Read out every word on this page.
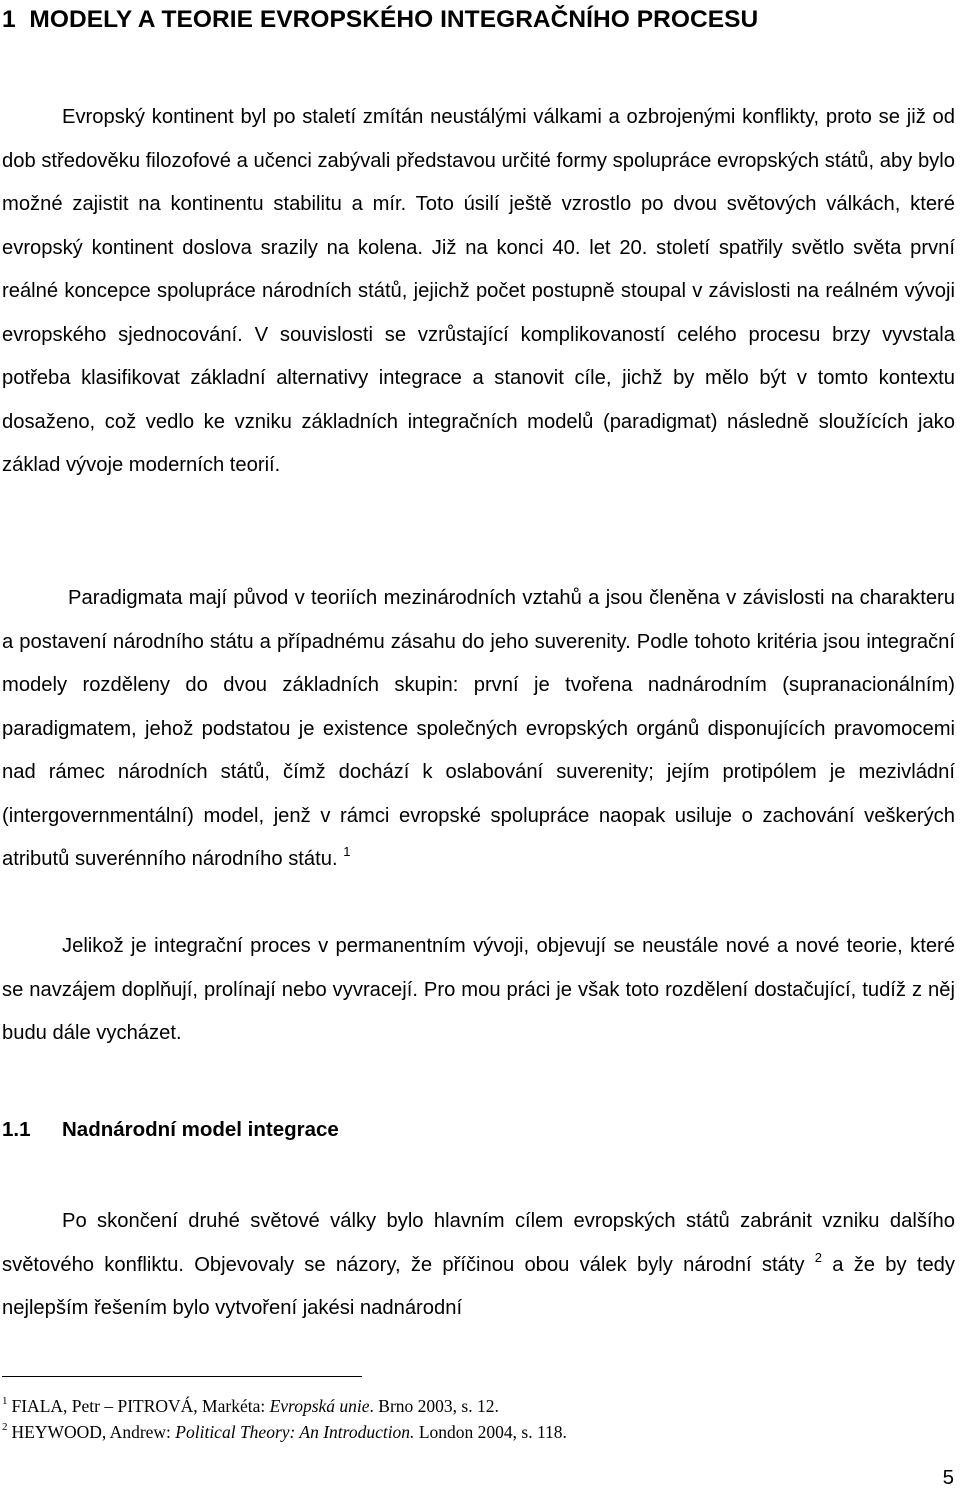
1 MODELY A TEORIE EVROPSKÉHO INTEGRAČNÍHO PROCESU

Evropský kontinent byl po staletí zmítán neustálými válkami a ozbrojenými konflikty, proto se již od dob středověku filozofové a učenci zabývali představou určité formy spolupráce evropských států, aby bylo možné zajistit na kontinentu stabilitu a mír. Toto úsilí ještě vzrostlo po dvou světových válkách, které evropský kontinent doslova srazily na kolena. Již na konci 40. let 20. století spatřily světlo světa první reálné koncepce spolupráce národních států, jejichž počet postupně stoupal v závislosti na reálném vývoji evropského sjednocování. V souvislosti se vzrůstající komplikovaností celého procesu brzy vyvstala potřeba klasifikovat základní alternativy integrace a stanovit cíle, jichž by mělo být v tomto kontextu dosaženo, což vedlo ke vzniku základních integračních modelů (paradigmat) následně sloužících jako základ vývoje moderních teorií.

Paradigmata mají původ v teoriích mezinárodních vztahů a jsou členěna v závislosti na charakteru a postavení národního státu a případnému zásahu do jeho suverenity. Podle tohoto kritéria jsou integrační modely rozděleny do dvou základních skupin: první je tvořena nadnárodním (supranacionálním) paradigmatem, jehož podstatou je existence společných evropských orgánů disponujících pravomocemi nad rámec národních států, čímž dochází k oslabování suverenity; jejím protipólem je mezivládní (intergovernmentální) model, jenž v rámci evropské spolupráce naopak usiluje o zachování veškerých atributů suverénního národního státu. $^1$

Jelikož je integrační proces v permanentním vývoji, objevují se neustále nové a nové teorie, které se navzájem doplňují, prolínají nebo vyvracejí. Pro mou práci je však toto rozdělení dostačující, tudíž z něj budu dále vycházet.

1.1 Nadnárodní model integrace

Po skončení druhé světové války bylo hlavním cílem evropských států zabránit vzniku dalšího světového konfliktu. Objevovaly se názory, že příčinou obou válek byly národní státy $^2$ a že by tedy nejlepším řešením bylo vytvoření jakési nadnárodní

$^1$ FIALA, Petr – PITROVÁ, Markéta: Evropská unie. Brno 2003, s. 12.
$^2$ HEYWOOD, Andrew: Political Theory: An Introduction. London 2004, s. 118.
5
